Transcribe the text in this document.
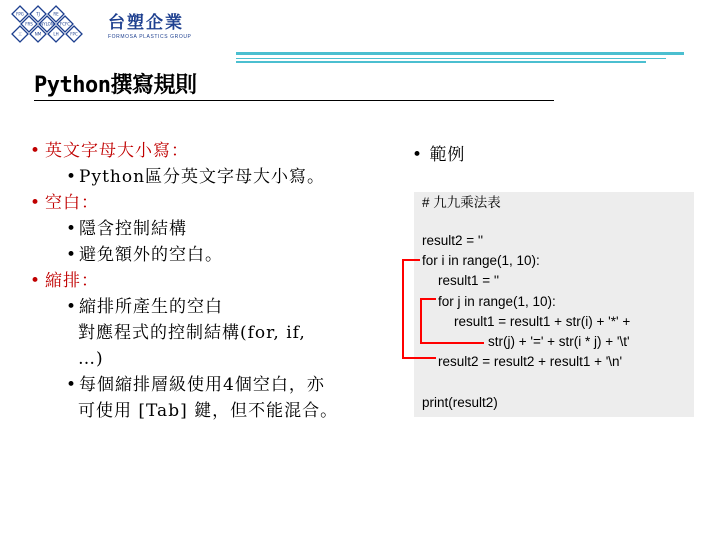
FPG	TJ	RE
FRS NYLON FCFC
工	NM	LH	FPC
台塑企業
FORMOSA PLASTICS GROUP
Python撰寫規則
• 英文字母大小寫：
• Python區分英文字母大小寫。
• 空白：
• 隱含控制結構
• 避免額外的空白。
• 縮排：
• 縮排所產生的空白
對應程式的控制結構(for, if,
…)
• 每個縮排層級使用4個空白，亦
可使用 [Tab] 鍵，但不能混合。
• 範例
# 九九乘法表
result2 = ''
for i in range(1, 10):
result1 = ''
for j in range(1, 10):
result1 = result1 + str(i) + '*' +
str(j) + '=' + str(i * j) + '\t'
result2 = result2 + result1 + '\n'
print(result2)
